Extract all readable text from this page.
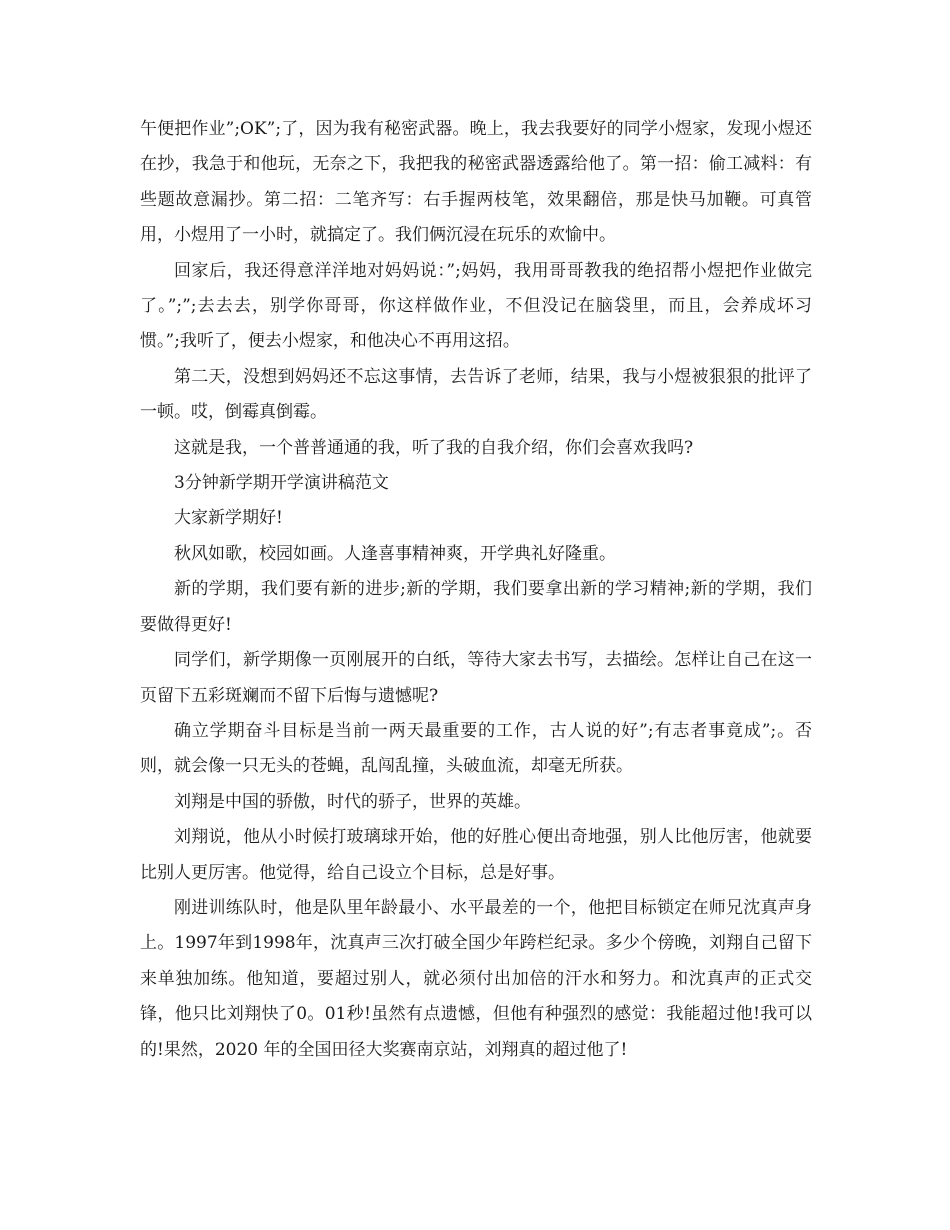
午便把作业”;OK”;了，因为我有秘密武器。晚上，我去我要好的同学小煜家，发现小煜还在抄，我急于和他玩，无奈之下，我把我的秘密武器透露给他了。第一招：偷工减料：有些题故意漏抄。第二招：二笔齐写：右手握两枝笔，效果翻倍，那是快马加鞭。可真管用，小煜用了一小时，就搞定了。我们俩沉浸在玩乐的欢愉中。

回家后，我还得意洋洋地对妈妈说：”;妈妈，我用哥哥教我的绝招帮小煜把作业做完了。”;”;去去去，别学你哥哥，你这样做作业，不但没记在脑袋里，而且，会养成坏习惯。”;我听了，便去小煜家，和他决心不再用这招。

第二天，没想到妈妈还不忘这事情，去告诉了老师，结果，我与小煜被狠狠的批评了一顿。哎，倒霉真倒霉。

这就是我，一个普普通通的我，听了我的自我介绍，你们会喜欢我吗?

3分钟新学期开学演讲稿范文

大家新学期好!

秋风如歌，校园如画。人逢喜事精神爽，开学典礼好隆重。

新的学期，我们要有新的进步;新的学期，我们要拿出新的学习精神;新的学期，我们要做得更好!

同学们，新学期像一页刚展开的白纸，等待大家去书写，去描绘。怎样让自己在这一页留下五彩斑斓而不留下后悔与遗憾呢?

确立学期奋斗目标是当前一两天最重要的工作，古人说的好”;有志者事竟成”;。否则，就会像一只无头的苍蝇，乱闯乱撞，头破血流，却毫无所获。

刘翔是中国的骄傲，时代的骄子，世界的英雄。

刘翔说，他从小时候打玻璃球开始，他的好胜心便出奇地强，别人比他厉害，他就要比别人更厉害。他觉得，给自己设立个目标，总是好事。

刚进训练队时，他是队里年龄最小、水平最差的一个，他把目标锁定在师兄沈真声身上。1997年到1998年，沈真声三次打破全国少年跨栏纪录。多少个傍晚，刘翔自己留下来单独加练。他知道，要超过别人，就必须付出加倍的汗水和努力。和沈真声的正式交锋，他只比刘翔快了0。01秒!虽然有点遗憾，但他有种强烈的感觉：我能超过他!我可以的!果然，2020 年的全国田径大奖赛南京站，刘翔真的超过他了!
